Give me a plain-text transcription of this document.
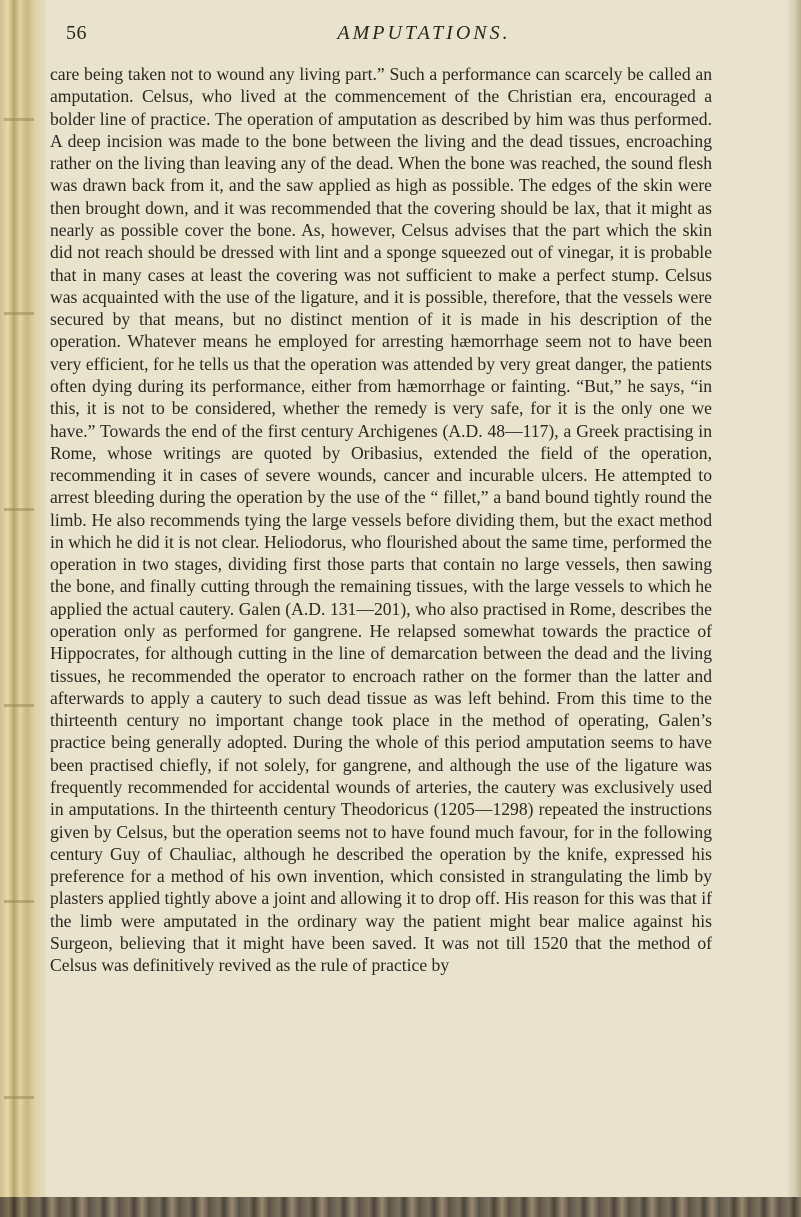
56	AMPUTATIONS.

care being taken not to wound any living part.” Such a performance can scarcely be called an amputation. Celsus, who lived at the commencement of the Christian era, encouraged a bolder line of practice. The operation of amputation as described by him was thus performed. A deep incision was made to the bone between the living and the dead tissues, encroaching rather on the living than leaving any of the dead. When the bone was reached, the sound flesh was drawn back from it, and the saw applied as high as possible. The edges of the skin were then brought down, and it was recommended that the covering should be lax, that it might as nearly as possible cover the bone. As, however, Celsus advises that the part which the skin did not reach should be dressed with lint and a sponge squeezed out of vinegar, it is probable that in many cases at least the covering was not sufficient to make a perfect stump. Celsus was acquainted with the use of the ligature, and it is possible, therefore, that the vessels were secured by that means, but no distinct mention of it is made in his description of the operation. Whatever means he employed for arresting hæmorrhage seem not to have been very efficient, for he tells us that the operation was attended by very great danger, the patients often dying during its performance, either from hæmorrhage or fainting. “But,” he says, “in this, it is not to be considered, whether the remedy is very safe, for it is the only one we have.” Towards the end of the first century Archigenes (A.D. 48—117), a Greek practising in Rome, whose writings are quoted by Oribasius, extended the field of the operation, recommending it in cases of severe wounds, cancer and incurable ulcers. He attempted to arrest bleeding during the operation by the use of the “ fillet,” a band bound tightly round the limb. He also recommends tying the large vessels before dividing them, but the exact method in which he did it is not clear. Heliodorus, who flourished about the same time, performed the operation in two stages, dividing first those parts that contain no large vessels, then sawing the bone, and finally cutting through the remaining tissues, with the large vessels to which he applied the actual cautery. Galen (A.D. 131—201), who also practised in Rome, describes the operation only as performed for gangrene. He relapsed somewhat towards the practice of Hippocrates, for although cutting in the line of demarcation between the dead and the living tissues, he recommended the operator to encroach rather on the former than the latter and afterwards to apply a cautery to such dead tissue as was left behind. From this time to the thirteenth century no important change took place in the method of operating, Galen’s practice being generally adopted. During the whole of this period amputation seems to have been practised chiefly, if not solely, for gangrene, and although the use of the ligature was frequently recommended for accidental wounds of arteries, the cautery was exclusively used in amputations. In the thirteenth century Theodoricus (1205—1298) repeated the instructions given by Celsus, but the operation seems not to have found much favour, for in the following century Guy of Chauliac, although he described the operation by the knife, expressed his preference for a method of his own invention, which consisted in strangulating the limb by plasters applied tightly above a joint and allowing it to drop off. His reason for this was that if the limb were amputated in the ordinary way the patient might bear malice against his Surgeon, believing that it might have been saved. It was not till 1520 that the method of Celsus was definitively revived as the rule of practice by
